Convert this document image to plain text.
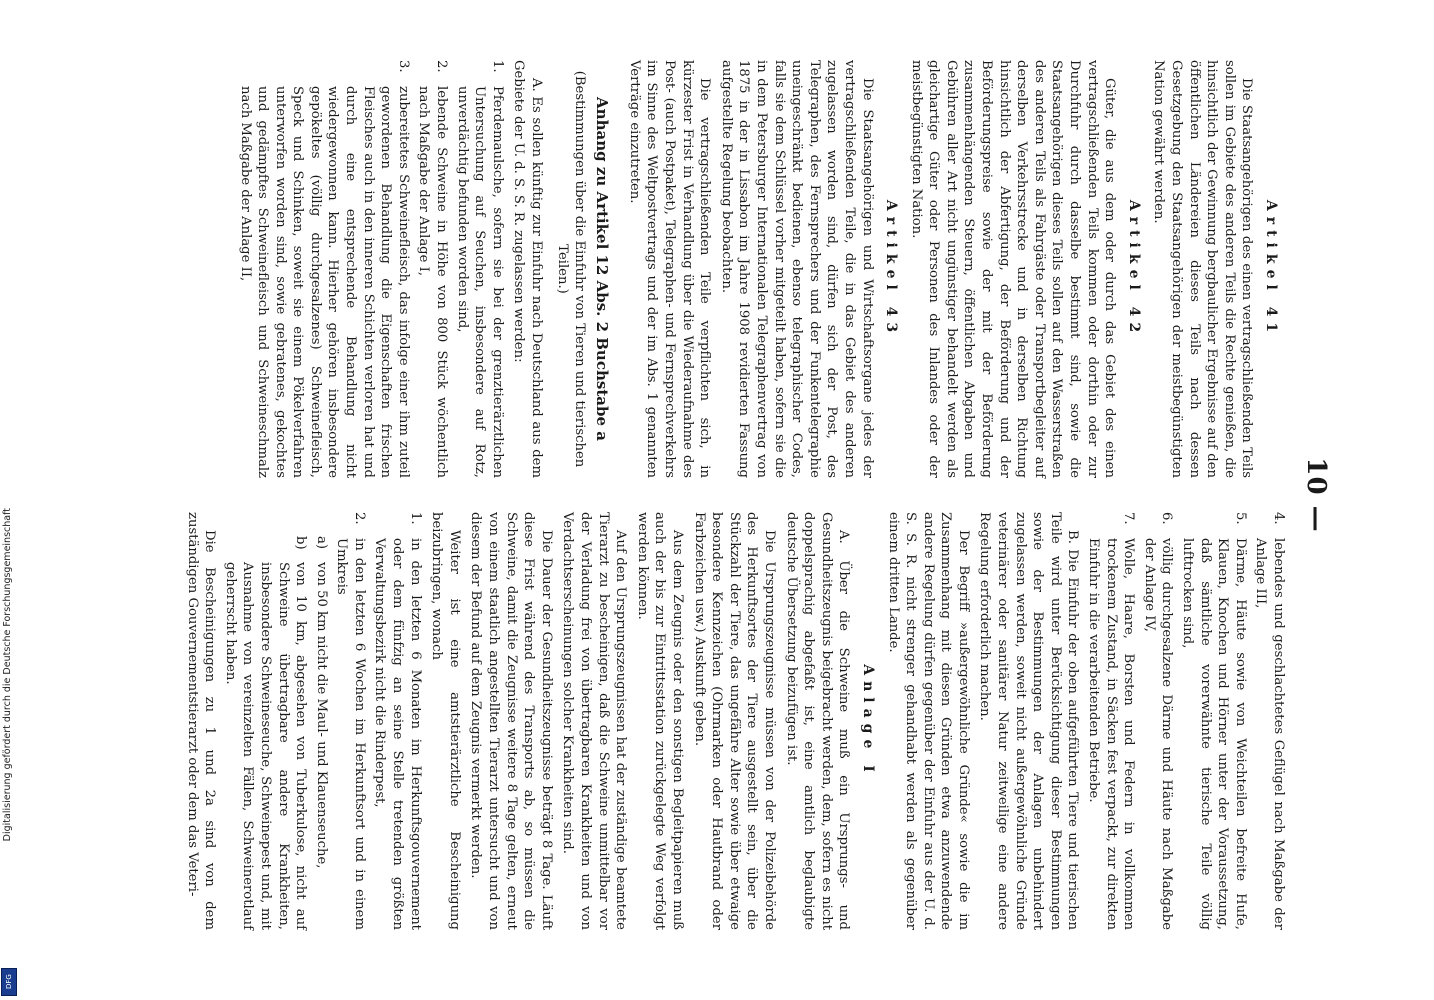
10 —
Artikel 41

Die Staatsangehörigen des einen vertragschließenden Teils sollen im Gebiete des anderen Teils die Rechte genießen, die hinsichtlich der Gewinnung bergbaulicher Ergebnisse auf den öffentlichen Ländereien dieses Teils nach dessen Gesetzgebung den Staatsangehörigen der meistbegünstigten Nation gewährt werden.

Artikel 42

Güter, die aus dem oder durch das Gebiet des einen vertragschließenden Teils kommen oder dorthin oder zur Durchfuhr durch dasselbe bestimmt sind, sowie die Staatsangehörigen dieses Teils sollen auf den Wasserstraßen des anderen Teils als Fahrgäste oder Transportbegleiter auf derselben Verkehrsstrecke und in derselben Richtung hinsichtlich der Abfertigung, der Beförderung und der Beförderungspreise sowie der mit der Beförderung zusammenhängenden Steuern, öffentlichen Abgaben und Gebühren aller Art nicht ungünstiger behandelt werden als gleichartige Güter oder Personen des Inlandes oder der meistbegünstigten Nation.

Artikel 43

Die Staatsangehörigen und Wirtschaftsorgane jedes der vertragschließenden Teile, die in das Gebiet des anderen zugelassen worden sind, dürfen sich der Post, des Telegraphen, des Fernsprechers und der Funkentelegraphie uneingeschränkt bedienen, ebenso telegraphischer Codes, falls sie dem Schlüssel vorher mitgeteilt haben, sofern sie die in dem Petersburger Internationalen Telegraphenvertrag von 1875 in der in Lissabon im Jahre 1908 revidierten Fassung aufgestellte Regelung beobachten.

Die vertragschließenden Teile verpflichten sich, in kürzester Frist in Verhandlung über die Wiederaufnahme des Post- (auch Postpaket), Telegraphen- und Fernsprechverkehrs im Sinne des Weltpostvertrags und der im Abs. 1 genannten Verträge einzutreten.

Anhang zu Artikel 12 Abs. 2 Buchstabe a
(Bestimmungen über die Einfuhr von Tieren und tierischen Teilen.)

A. Es sollen künftig zur Einfuhr nach Deutschland aus dem Gebiete der U. d. S. S. R. zugelassen werden:

1.
Pferdemaulsche, sofern sie bei der grenztierärztlichen Untersuchung auf Seuchen, insbesondere auf Rotz, unverdächtig befunden worden sind,
2.
lebende Schweine in Höhe von 800 Stück wöchentlich nach Maßgabe der Anlage I,
3.
zubereitetes Schweinefleisch, das infolge einer ihm zuteil gewordenen Behandlung die Eigenschaften frischen Fleisches auch in den inneren Schichten verloren hat und durch eine entsprechende Behandlung nicht wiedergewonnen kann. Hierher gehören insbesondere gepökeltes (völlig durchgesalzenes) Schweinefleisch, Speck und Schinken, soweit sie einem Pökelverfahren unterworfen worden sind, sowie gebratenes, gekochtes und gedämpftes Schweinefleisch und Schweineschmalz nach Maßgabe der Anlage II,
4.
lebendes und geschlachtetes Geflügel nach Maßgabe der Anlage III,
5.
Därme, Häute sowie von Weichteilen befreite Hufe, Klauen, Knochen und Hörner unter der Voraussetzung, daß sämtliche vorerwähnte tierische Teile völlig lufttrocken sind,
6.
völlig durchgesalzene Därme und Häute nach Maßgabe der Anlage IV,
7.
Wolle, Haare, Borsten und Federn in vollkommen trockenem Zustand, in Säcken fest verpackt, zur direkten Einfuhr in die verarbeitenden Betriebe.

B. Die Einfuhr der oben aufgeführten Tiere und tierischen Teile wird unter Berücksichtigung dieser Bestimmungen sowie der Bestimmungen der Anlagen unbehindert zugelassen werden, soweit nicht außergewöhnliche Gründe veterinärer oder sanitärer Natur zeitweilige eine andere Regelung erforderlich machen.

Der Begriff »außergewöhnliche Gründe« sowie die im Zusammenhang mit diesen Gründen etwa anzuwendende andere Regelung dürfen gegenüber der Einfuhr aus der U. d. S. S. R. nicht strenger gehandhabt werden als gegenüber einem dritten Lande.

Anlage I

A. Über die Schweine muß ein Ursprungs- und Gesundheitszeugnis beigebracht werden, dem, sofern es nicht doppelsprachig abgefaßt ist, eine amtlich beglaubigte deutsche Übersetzung beizufügen ist.

Die Ursprungszeugnisse müssen von der Polizeibehörde des Herkunftsortes der Tiere ausgestellt sein, über die Stückzahl der Tiere, das ungefähre Alter sowie über etwaige besondere Kennzeichen (Ohrmarken oder Hautbrand oder Farbzeichen usw.) Auskunft geben.

Aus dem Zeugnis oder den sonstigen Begleitpapieren muß auch der bis zur Eintrittsstation zurückgelegte Weg verfolgt werden können.

Auf den Ursprungszeugnissen hat der zuständige beamtete Tierarzt zu bescheinigen, daß die Schweine unmittelbar vor der Verladung frei von übertragbaren Krankheiten und von Verdachtserscheinungen solcher Krankheiten sind.

Die Dauer der Gesundheitszeugnisse beträgt 8 Tage. Läuft diese Frist während des Transports ab, so müssen die Schweine, damit die Zeugnisse weitere 8 Tage gelten, erneut von einem staatlich angestellten Tierarzt untersucht und von diesem der Befund auf dem Zeugnis vermerkt werden.

Weiter ist eine amtstierärztliche Bescheinigung beizubringen, wonach

1.
in den letzten 6 Monaten im Herkunftsgouvernement oder dem fünfzig an seine Stelle tretenden größten Verwaltungsbezirk nicht die Rinderpest,
2.
in den letzten 6 Wochen im Herkunftsort und in einem Umkreis
a)
von 50 km nicht die Maul- und Klauenseuche,
b)
von 10 km, abgesehen von Tuberkulose, nicht auf Schweine übertragbare andere Krankheiten, insbesondere Schweineseuche, Schweinepest und, mit Ausnahme von vereinzelten Fällen, Schweinerotlauf geherrscht haben.

Die Bescheinigungen zu 1 und 2a sind von dem zuständigen Gouvernementstierarzt oder dem das Veteri-

Digitalisierung gefördert durch die Deutsche Forschungsgemeinschaft
DFG
